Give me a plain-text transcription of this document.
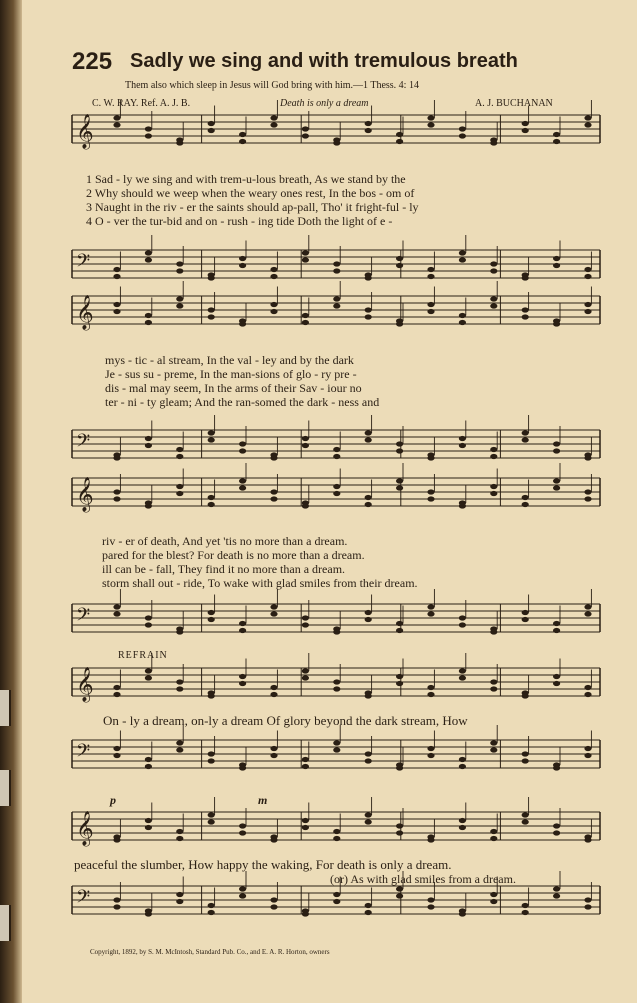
225 Sadly we sing and with tremulous breath
Them also which sleep in Jesus will God bring with him.—1 Thess. 4: 14
C. W. RAY. Ref. A. J. B.	Death is only a dream	A. J. BUCHANAN
𝄞
𝄢
𝄞
𝄢
𝄞
𝄢
𝄞
𝄢
𝄞
𝄢
1 Sad - ly we sing and with trem-u-lous breath, As we stand by the
2 Why should we weep when the weary ones rest, In the bos - om of
3 Naught in the riv - er the saints should ap-pall, Tho' it fright-ful - ly
4 O - ver the tur-bid and on - rush - ing tide Doth the light of e -
mys - tic - al stream, In the val - ley and by the dark
Je - sus su - preme, In the man-sions of glo - ry pre -
dis - mal may seem, In the arms of their Sav - iour no
ter - ni - ty gleam; And the ran-somed the dark - ness and
riv - er of death, And yet 'tis no more than a dream.
pared for the blest? For death is no more than a dream.
ill can be - fall, They find it no more than a dream.
storm shall out - ride, To wake with glad smiles from their dream.
REFRAIN
On - ly a dream, on-ly a dream Of glory beyond the dark stream, How
p	m
peaceful the slumber, How happy the waking, For death is only a dream.
(or) As with glad smiles from a dream.
Copyright, 1892, by S. M. McIntosh, Standard Pub. Co., and E. A. R. Horton, owners
